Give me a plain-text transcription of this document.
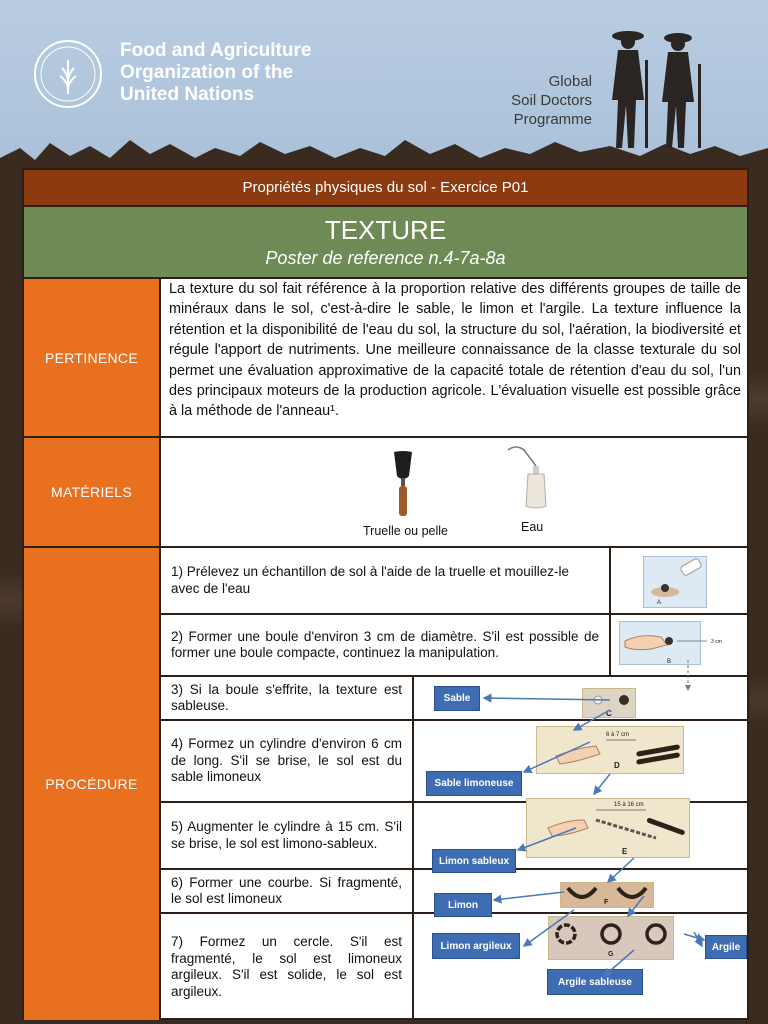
Food and Agriculture
Organization of the
United Nations
Global
Soil Doctors
Programme
Propriétés physiques du sol - Exercice P01
TEXTURE
Poster de reference n.4-7a-8a
PERTINENCE

La texture du sol fait référence à la proportion relative des différents groupes de taille de minéraux dans le sol, c'est-à-dire le sable, le limon et l'argile. La texture influence la rétention et la disponibilité de l'eau du sol, la structure du sol, l'aération, la biodiversité et régule l'apport de nutriments. Une meilleure connaissance de la classe texturale du sol permet une évaluation approximative de la capacité totale de rétention d'eau du sol, l'un des principaux moteurs de la production agricole. L'évaluation visuelle est possible grâce à la méthode de l'anneau¹.

MATÉRIELS
Truelle ou pelle	Eau
PROCÉDURE

1) Prélevez un échantillon de sol à l'aide de la truelle et mouillez-le avec de l'eau

A

2) Former une boule d'environ 3 cm de diamètre. S'il est possible de former une boule compacte, continuez la manipulation.

3 cm
B

3) Si la boule s'effrite, la texture est sableuse.

4) Formez un cylindre d'environ 6 cm de long. S'il se brise, le sol est du sable limoneux

5) Augmenter le cylindre à 15 cm. S'il se brise, le sol est limono-sableux.

6) Former une courbe. Si fragmenté, le sol est limoneux

7) Formez un cercle. S'il est fragmenté, le sol est limoneux argileux. S'il est solide, le sol est argileux.

C
6 à 7 cm
D
15 à 16 cm
E
F
G
Sable
Sable limoneuse
Limon sableux
Limon
Limon argileux	Argile
Argile sableuse
